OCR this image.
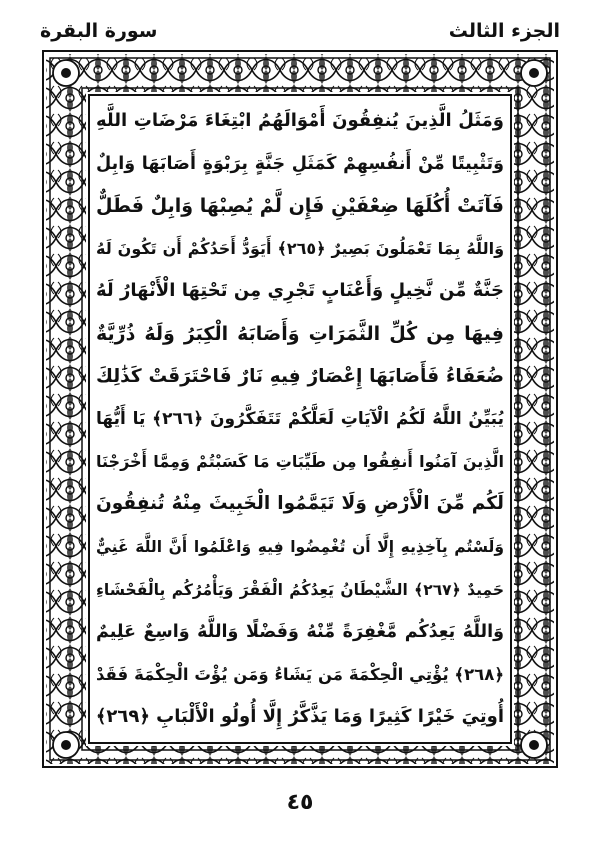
سورة البقرة	الجزء الثالث
وَمَثَلُ الَّذِينَ يُنفِقُونَ أَمْوَالَهُمُ ابْتِغَاءَ مَرْضَاتِ اللَّهِ
وَتَثْبِيتًا مِّنْ أَنفُسِهِمْ كَمَثَلِ جَنَّةٍ بِرَبْوَةٍ أَصَابَهَا وَابِلٌ
فَآتَتْ أُكُلَهَا ضِعْفَيْنِ فَإِن لَّمْ يُصِبْهَا وَابِلٌ فَطَلٌّ
وَاللَّهُ بِمَا تَعْمَلُونَ بَصِيرٌ ﴿٢٦٥﴾ أَيَوَدُّ أَحَدُكُمْ أَن تَكُونَ لَهُ
جَنَّةٌ مِّن نَّخِيلٍ وَأَعْنَابٍ تَجْرِي مِن تَحْتِهَا الْأَنْهَارُ لَهُ
فِيهَا مِن كُلِّ الثَّمَرَاتِ وَأَصَابَهُ الْكِبَرُ وَلَهُ ذُرِّيَّةٌ
ضُعَفَاءُ فَأَصَابَهَا إِعْصَارٌ فِيهِ نَارٌ فَاحْتَرَقَتْ كَذَٰلِكَ
يُبَيِّنُ اللَّهُ لَكُمُ الْآيَاتِ لَعَلَّكُمْ تَتَفَكَّرُونَ ﴿٢٦٦﴾ يَا أَيُّهَا
الَّذِينَ آمَنُوا أَنفِقُوا مِن طَيِّبَاتِ مَا كَسَبْتُمْ وَمِمَّا أَخْرَجْنَا
لَكُم مِّنَ الْأَرْضِ وَلَا تَيَمَّمُوا الْخَبِيثَ مِنْهُ تُنفِقُونَ
وَلَسْتُم بِآخِذِيهِ إِلَّا أَن تُغْمِضُوا فِيهِ وَاعْلَمُوا أَنَّ اللَّهَ غَنِيٌّ
حَمِيدٌ ﴿٢٦٧﴾ الشَّيْطَانُ يَعِدُكُمُ الْفَقْرَ وَيَأْمُرُكُم بِالْفَحْشَاءِ
وَاللَّهُ يَعِدُكُم مَّغْفِرَةً مِّنْهُ وَفَضْلًا وَاللَّهُ وَاسِعٌ عَلِيمٌ
﴿٢٦٨﴾ يُؤْتِي الْحِكْمَةَ مَن يَشَاءُ وَمَن يُؤْتَ الْحِكْمَةَ فَقَدْ
أُوتِيَ خَيْرًا كَثِيرًا وَمَا يَذَّكَّرُ إِلَّا أُولُو الْأَلْبَابِ ﴿٢٦٩﴾
٤٥
